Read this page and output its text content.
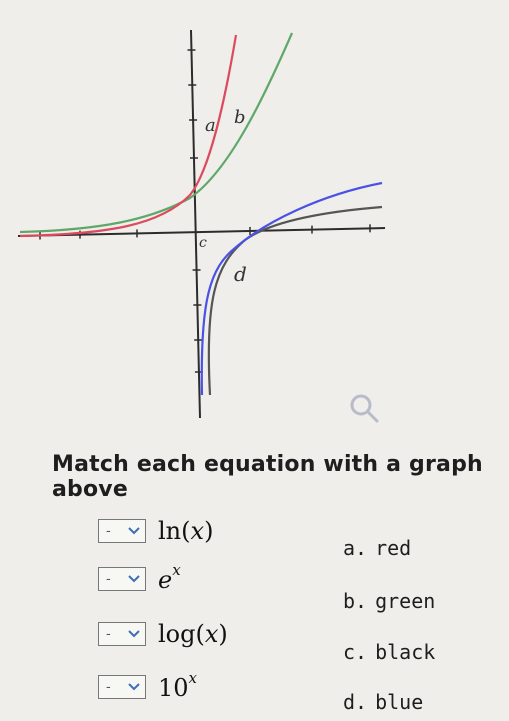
a b
c
d
Match each equation with a graph above
- ln(x)
- $e^x$
- log(x)
- 10$^x$
a. red
b. green
c. black
d. blue
